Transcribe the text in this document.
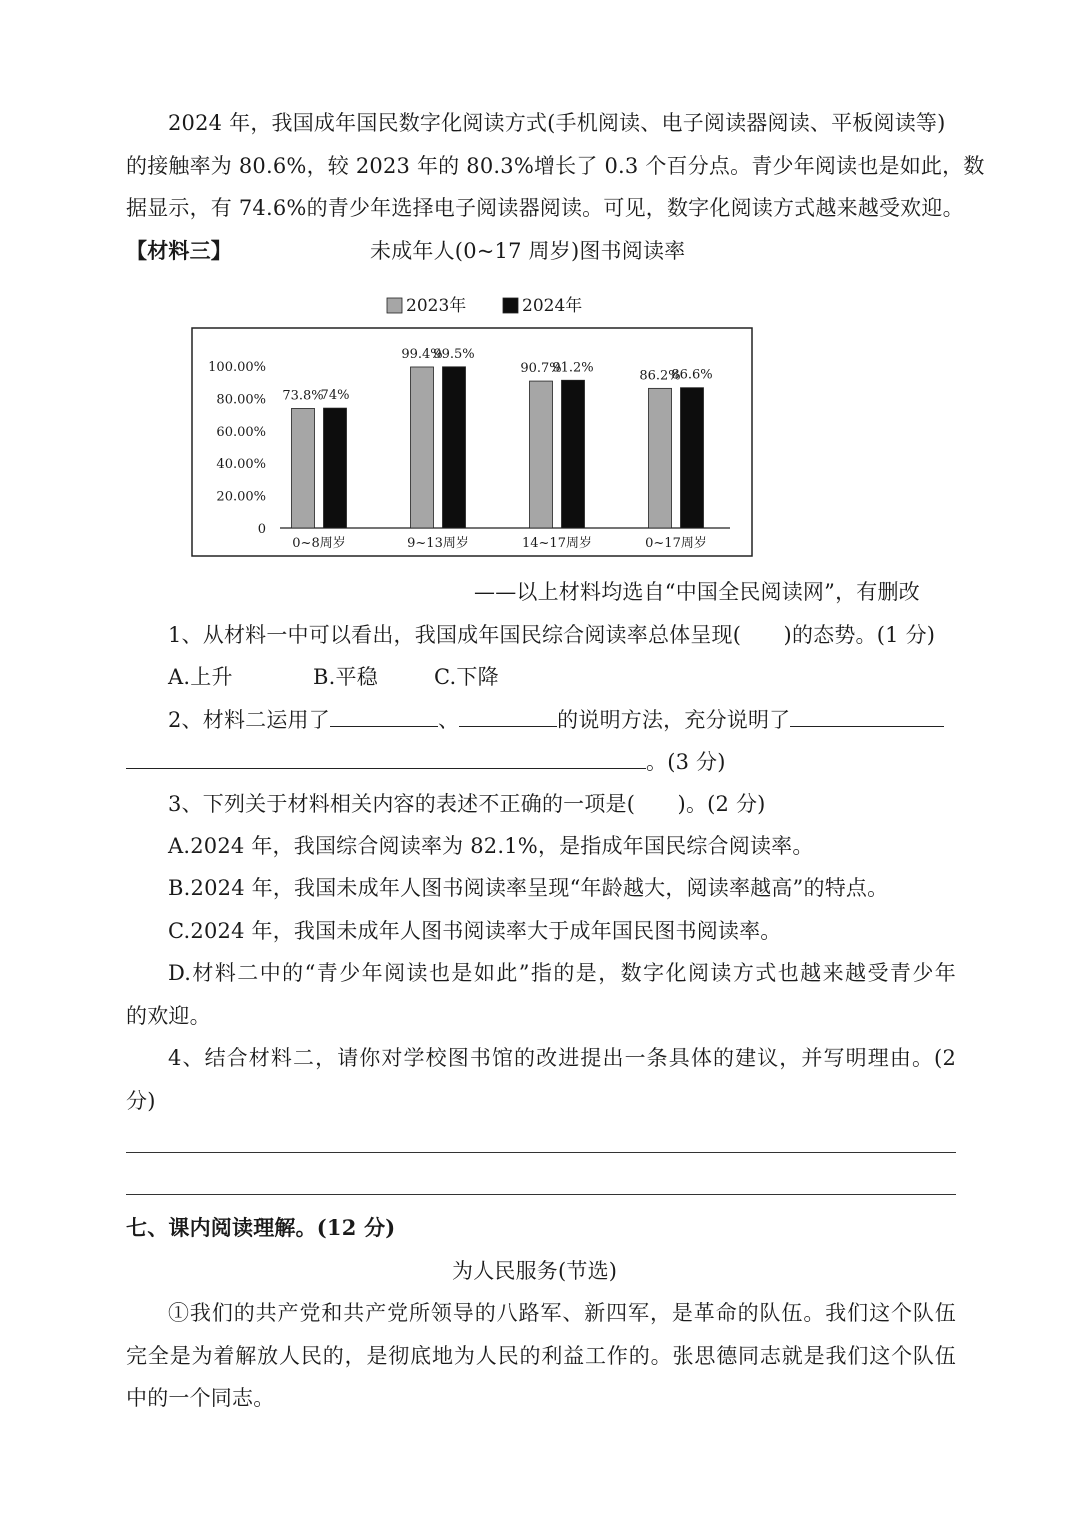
2024 年，我国成年国民数字化阅读方式(手机阅读、电子阅读器阅读、平板阅读等)
的接触率为 80.6%，较 2023 年的 80.3%增长了 0.3 个百分点。青少年阅读也是如此，数
据显示，有 74.6%的青少年选择电子阅读器阅读。可见，数字化阅读方式越来越受欢迎。
【材料三】	未成年人(0~17 周岁)图书阅读率
2023年	2024年
100.00%
80.00%
60.00%
40.00%
20.00%
0
73.8%
74%
99.4%
99.5%
90.7%
91.2%
86.2%
86.6%
0~8周岁	9~13周岁	14~17周岁	0~17周岁
——以上材料均选自“中国全民阅读网”，有删改
1、从材料一中可以看出，我国成年国民综合阅读率总体呈现(　　)的态势。(1 分)
A.上升	B.平稳	C.下降
2、材料二运用了	、	的说明方法，充分说明了
。(3 分)
3、下列关于材料相关内容的表述不正确的一项是(　　)。(2 分)
A.2024 年，我国综合阅读率为 82.1%，是指成年国民综合阅读率。
B.2024 年，我国未成年人图书阅读率呈现“年龄越大，阅读率越高”的特点。
C.2024 年，我国未成年人图书阅读率大于成年国民图书阅读率。
D.材料二中的“青少年阅读也是如此”指的是，数字化阅读方式也越来越受青少年
的欢迎。
4、结合材料二，请你对学校图书馆的改进提出一条具体的建议，并写明理由。(2
分)
七、课内阅读理解。(12 分)
为人民服务(节选)
①我们的共产党和共产党所领导的八路军、新四军，是革命的队伍。我们这个队伍
完全是为着解放人民的，是彻底地为人民的利益工作的。张思德同志就是我们这个队伍
中的一个同志。
